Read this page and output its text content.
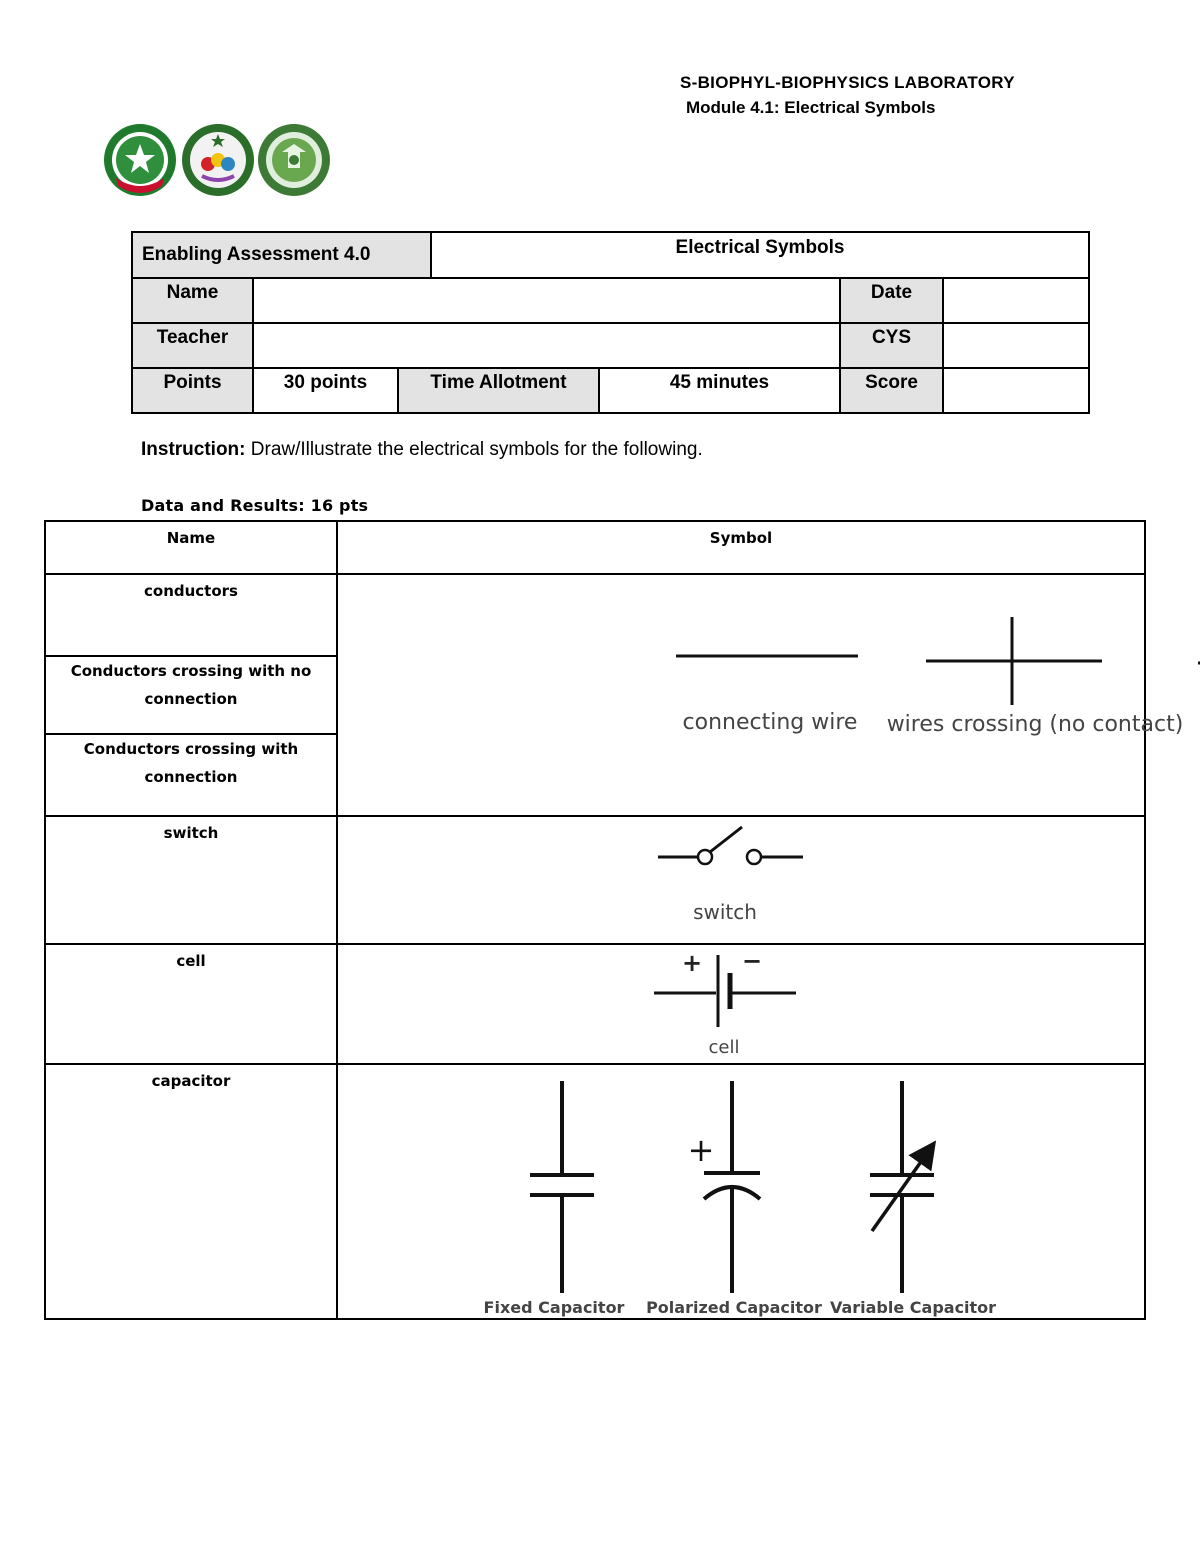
S-BIOPHYL-BIOPHYSICS LABORATORY
Module 4.1: Electrical Symbols
Enabling Assessment 4.0			Electrical Symbols			
Name					Date	
Teacher					CYS	
Points	30 points	Time Allotment		45 minutes	Score	
Instruction: Draw/Illustrate the electrical symbols for the following.
Data and Results: 16 pts
Name	Symbol
conductors	connecting wire wires crossing (no contact)

Conductors crossing with no connection	
Conductors crossing with connection	
switch	switch

cell	+ −
cell

capacitor	Fixed Capacitor
+
Polarized Capacitor Variable Capacitor
